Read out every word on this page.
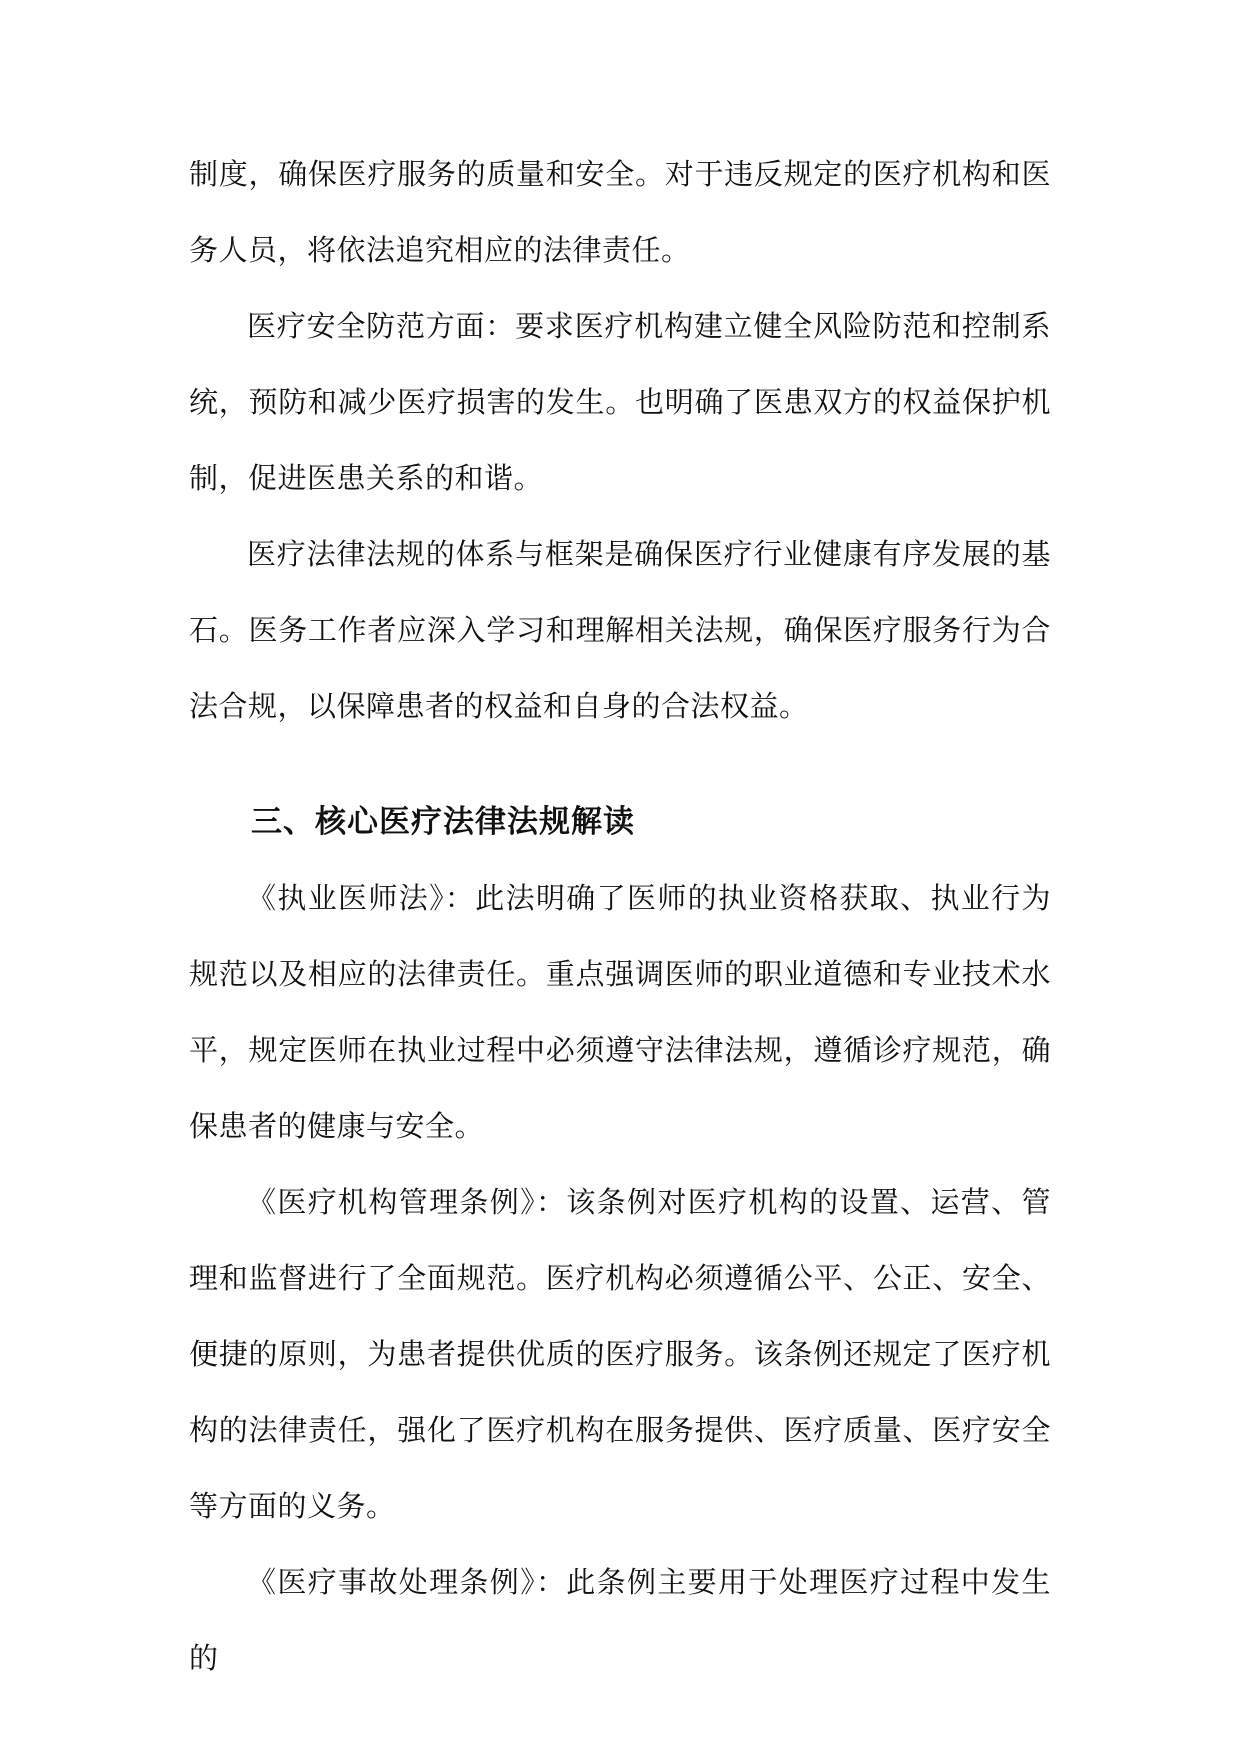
制度，确保医疗服务的质量和安全。对于违反规定的医疗机构和医务人员，将依法追究相应的法律责任。

医疗安全防范方面：要求医疗机构建立健全风险防范和控制系统，预防和减少医疗损害的发生。也明确了医患双方的权益保护机制，促进医患关系的和谐。

医疗法律法规的体系与框架是确保医疗行业健康有序发展的基石。医务工作者应深入学习和理解相关法规，确保医疗服务行为合法合规，以保障患者的权益和自身的合法权益。

三、核心医疗法律法规解读

《执业医师法》：此法明确了医师的执业资格获取、执业行为规范以及相应的法律责任。重点强调医师的职业道德和专业技术水平，规定医师在执业过程中必须遵守法律法规，遵循诊疗规范，确保患者的健康与安全。

《医疗机构管理条例》：该条例对医疗机构的设置、运营、管理和监督进行了全面规范。医疗机构必须遵循公平、公正、安全、便捷的原则，为患者提供优质的医疗服务。该条例还规定了医疗机构的法律责任，强化了医疗机构在服务提供、医疗质量、医疗安全等方面的义务。

《医疗事故处理条例》：此条例主要用于处理医疗过程中发生的
